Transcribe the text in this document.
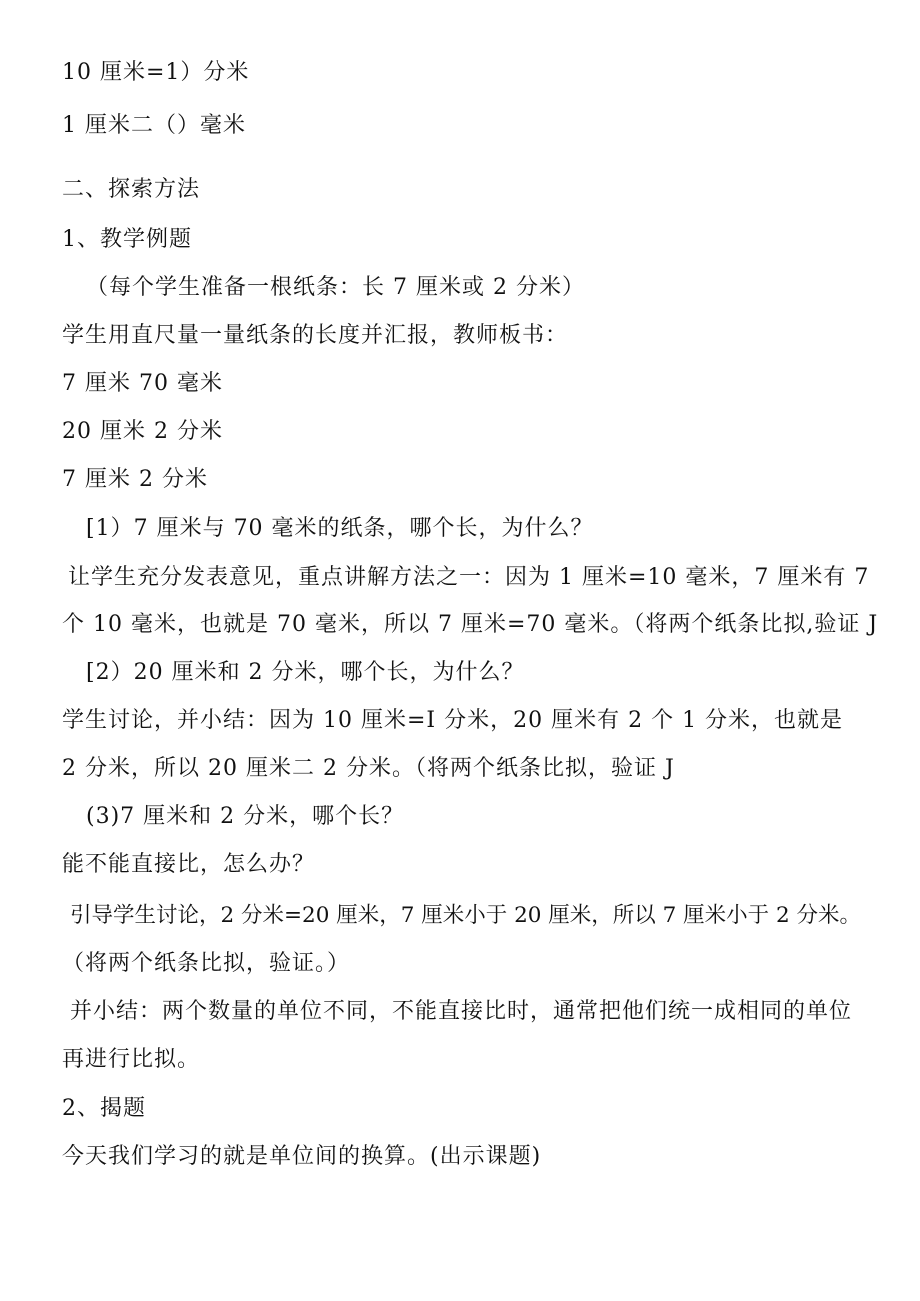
10 厘米=1）分米
1 厘米二（）毫米
二、探索方法
1、教学例题
（每个学生准备一根纸条：长 7 厘米或 2 分米）
学生用直尺量一量纸条的长度并汇报，教师板书：
7 厘米 70 毫米
20 厘米 2 分米
7 厘米 2 分米
[1）7 厘米与 70 毫米的纸条，哪个长，为什么？
让学生充分发表意见，重点讲解方法之一：因为 1 厘米=10 毫米，7 厘米有 7
个 10 毫米，也就是 70 毫米，所以 7 厘米=70 毫米。（将两个纸条比拟,验证 J
[2）20 厘米和 2 分米，哪个长，为什么？
学生讨论，并小结：因为 10 厘米=I 分米，20 厘米有 2 个 1 分米，也就是
2 分米，所以 20 厘米二 2 分米。（将两个纸条比拟，验证 J
(3)7 厘米和 2 分米，哪个长？
能不能直接比，怎么办？
引导学生讨论，2 分米=20 厘米，7 厘米小于 20 厘米，所以 7 厘米小于 2 分米。
（将两个纸条比拟，验证。）
并小结：两个数量的单位不同，不能直接比时，通常把他们统一成相同的单位
再进行比拟。
2、揭题
今天我们学习的就是单位间的换算。(出示课题)
